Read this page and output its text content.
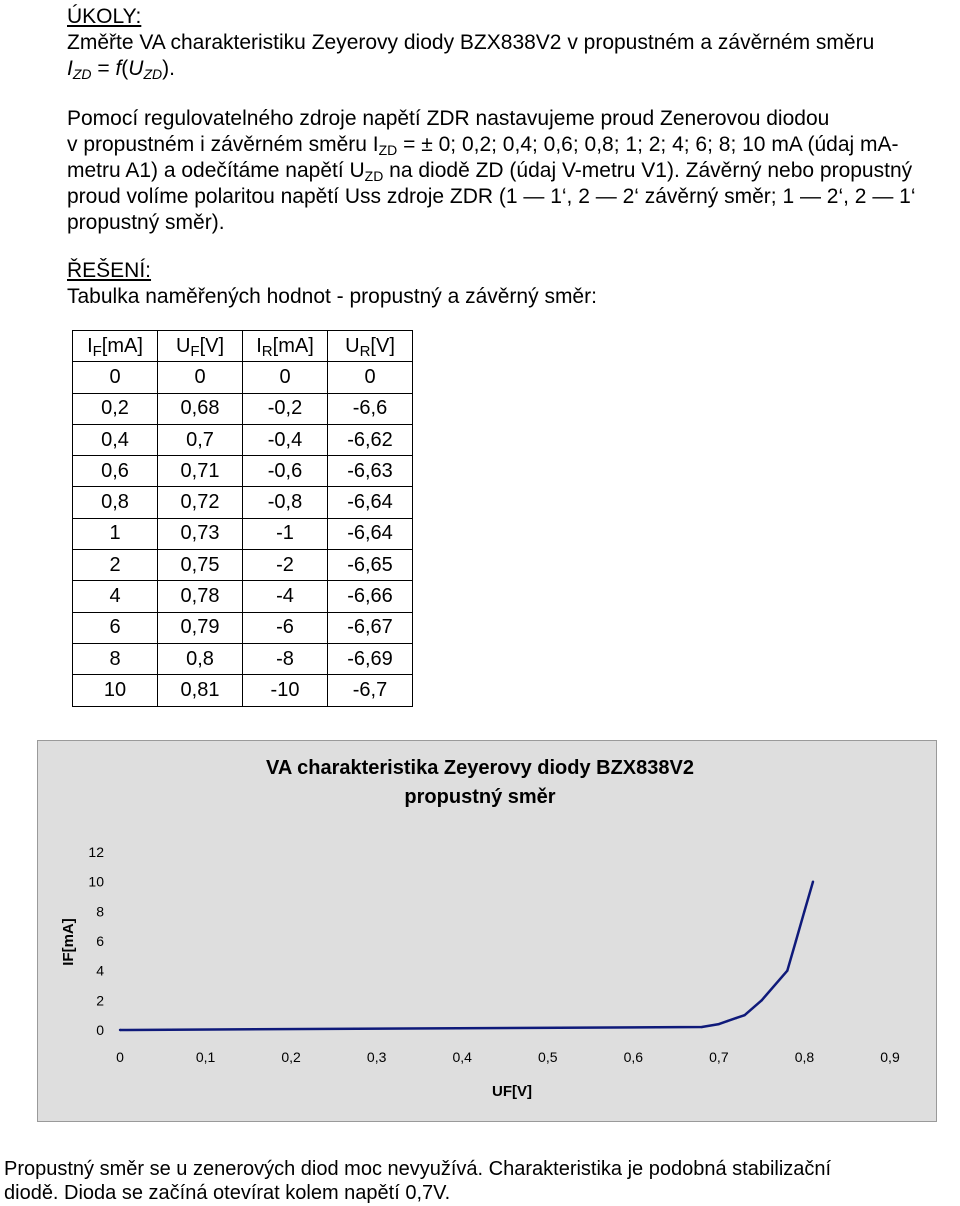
ÚKOLY:
Změřte VA charakteristiku Zeyerovy diody BZX838V2 v propustném a závěrném směru
$I_{ZD} = f(U_{ZD})$.
Pomocí regulovatelného zdroje napětí ZDR nastavujeme proud Zenerovou diodou
v propustném i závěrném směru $I_{ZD}$ = ± 0; 0,2; 0,4; 0,6; 0,8; 1; 2; 4; 6; 8; 10 mA (údaj mA-
metru A1) a odečítáme napětí $U_{ZD}$ na diodě ZD (údaj V-metru V1). Závěrný nebo propustný
proud volíme polaritou napětí Uss zdroje ZDR (1 — 1‘, 2 — 2‘ závěrný směr; 1 — 2‘, 2 — 1‘
propustný směr).
ŘEŠENÍ:
Tabulka naměřených hodnot - propustný a závěrný směr:
$I_F[mA]$	$U_F[V]$	$I_R[mA]$	$U_R[V]$
0	0	0	0
0,2	0,68	-0,2	-6,6
0,4	0,7	-0,4	-6,62
0,6	0,71	-0,6	-6,63
0,8	0,72	-0,8	-6,64
1	0,73	-1	-6,64
2	0,75	-2	-6,65
4	0,78	-4	-6,66
6	0,79	-6	-6,67
8	0,8	-8	-6,69
10	0,81	-10	-6,7
VA charakteristika Zeyerovy diody BZX838V2
propustný směr
0
2
4
6
8
10
12
0	0,1	0,2	0,3	0,4	0,5	0,6	0,7	0,8	0,9
UF[V]
IF[mA]
Propustný směr se u zenerových diod moc nevyužívá. Charakteristika je podobná stabilizační
diodě. Dioda se začíná otevírat kolem napětí 0,7V.
